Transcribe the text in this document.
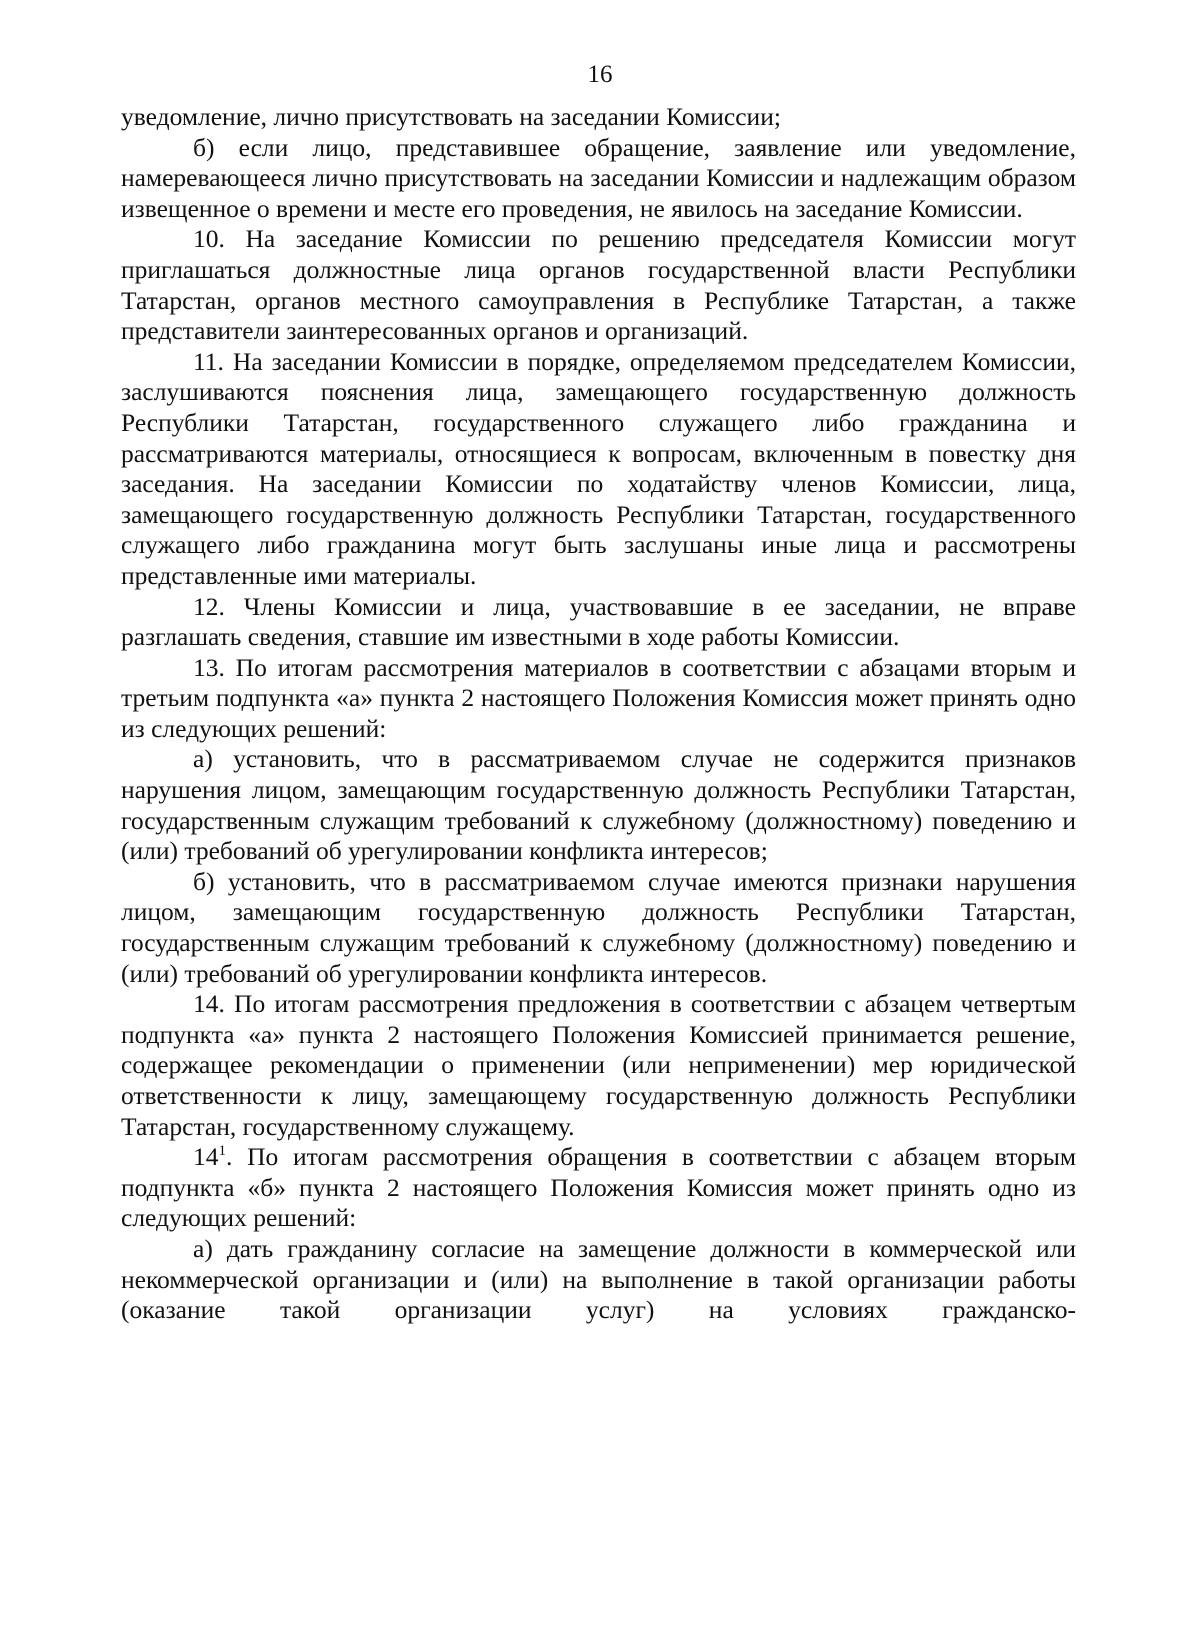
16

уведомление, лично присутствовать на заседании Комиссии;

б) если лицо, представившее обращение, заявление или уведомление, намеревающееся лично присутствовать на заседании Комиссии и надлежащим образом извещенное о времени и месте его проведения, не явилось на заседание Комиссии.

10. На заседание Комиссии по решению председателя Комиссии могут приглашаться должностные лица органов государственной власти Республики Татарстан, органов местного самоуправления в Республике Татарстан, а также представители заинтересованных органов и организаций.

11. На заседании Комиссии в порядке, определяемом председателем Комиссии, заслушиваются пояснения лица, замещающего государственную должность Республики Татарстан, государственного служащего либо гражданина и рассматриваются материалы, относящиеся к вопросам, включенным в повестку дня заседания. На заседании Комиссии по ходатайству членов Комиссии, лица, замещающего государственную должность Республики Татарстан, государственного служащего либо гражданина могут быть заслушаны иные лица и рассмотрены представленные ими материалы.

12. Члены Комиссии и лица, участвовавшие в ее заседании, не вправе разглашать сведения, ставшие им известными в ходе работы Комиссии.

13. По итогам рассмотрения материалов в соответствии с абзацами вторым и третьим подпункта «а» пункта 2 настоящего Положения Комиссия может принять одно из следующих решений:

а) установить, что в рассматриваемом случае не содержится признаков нарушения лицом, замещающим государственную должность Республики Татарстан, государственным служащим требований к служебному (должностному) поведению и (или) требований об урегулировании конфликта интересов;

б) установить, что в рассматриваемом случае имеются признаки нарушения лицом, замещающим государственную должность Республики Татарстан, государственным служащим требований к служебному (должностному) поведению и (или) требований об урегулировании конфликта интересов.

14. По итогам рассмотрения предложения в соответствии с абзацем четвертым подпункта «а» пункта 2 настоящего Положения Комиссией принимается решение, содержащее рекомендации о применении (или неприменении) мер юридической ответственности к лицу, замещающему государственную должность Республики Татарстан, государственному служащему.

$14^1$. По итогам рассмотрения обращения в соответствии с абзацем вторым подпункта «б» пункта 2 настоящего Положения Комиссия может принять одно из следующих решений:

а) дать гражданину согласие на замещение должности в коммерческой или некоммерческой организации и (или) на выполнение в такой организации работы (оказание такой организации услуг) на условиях гражданско-
